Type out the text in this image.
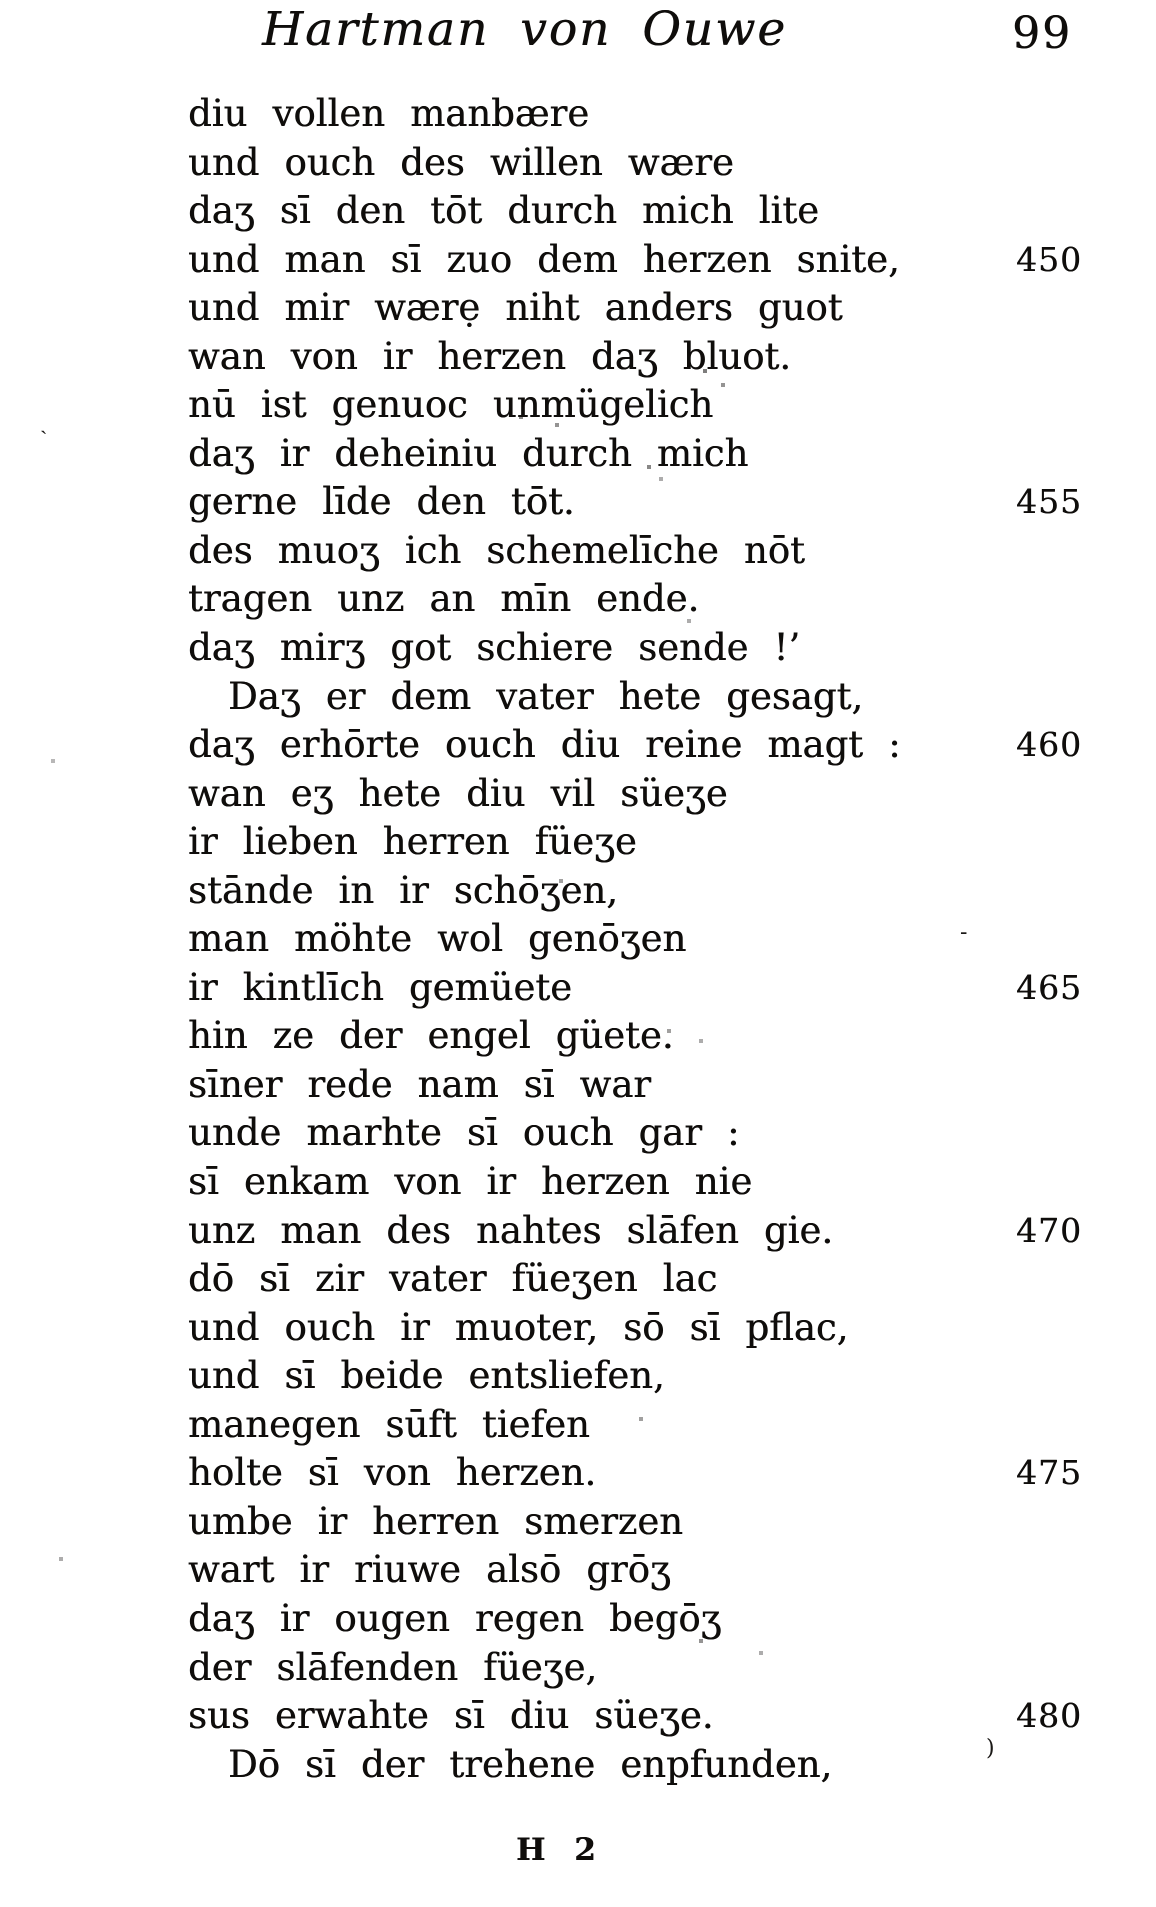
Hartman von Ouwe	99
diu vollen manbære
und ouch des willen wære
daʒ sī den tōt durch mich lite
und man sī zuo dem herzen snite,	450
und mir wærẹ niht anders guot
wan von ir herzen daʒ bluot.
nū ist genuoc unmügelich
daʒ ir deheiniu durch mich
gerne līde den tōt.	455
des muoʒ ich schemelīche nōt
tragen unz an mīn ende.
daʒ mirʒ got schiere sende !’
Daʒ er dem vater hete gesagt,
daʒ erhōrte ouch diu reine magt :	460
wan eʒ hete diu vil süeʒe
ir lieben herren füeʒe
stānde in ir schōʒen,
man möhte wol genōʒen
ir kintlīch gemüete	465
hin ze der engel güete.
sīner rede nam sī war
unde marhte sī ouch gar :
sī enkam von ir herzen nie
unz man des nahtes slāfen gie.	470
dō sī zir vater füeʒen lac
und ouch ir muoter, sō sī pflac,
und sī beide entsliefen,
manegen sūft tiefen
holte sī von herzen.	475
umbe ir herren smerzen
wart ir riuwe alsō grōʒ
daʒ ir ougen regen begōʒ
der slāfenden füeʒe,
sus erwahte sī diu süeʒe.	480
Dō sī der trehene enpfunden,
H 2
ˎ
)
-
